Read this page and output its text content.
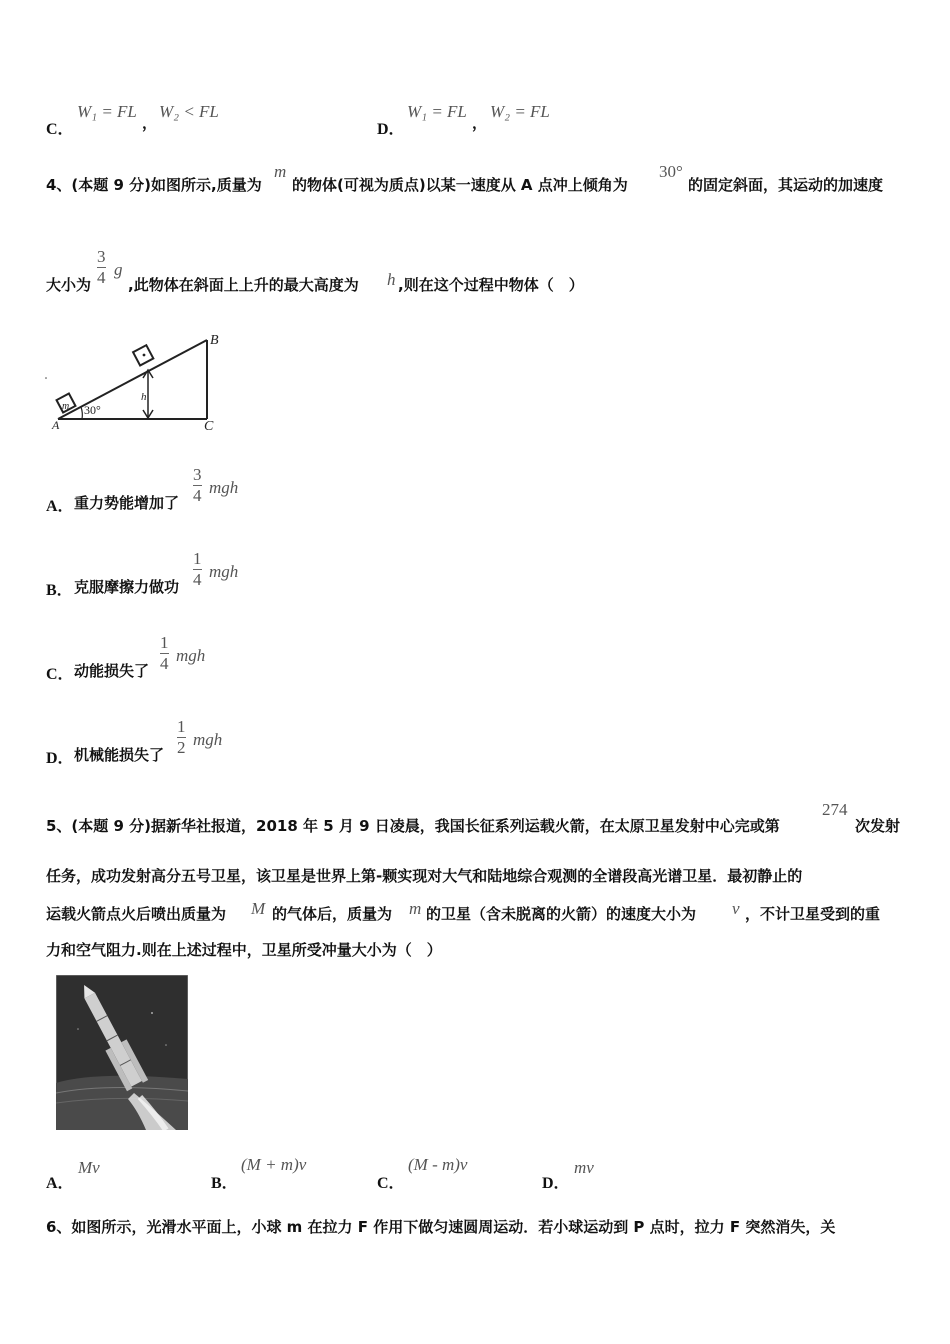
C．
W₁ = FL
，
W₂ < FL
D．
W₁ = FL
，
W₂ = FL
4、(本题 9 分)如图所示,质量为
m
的物体(可视为质点)以某一速度从 A 点冲上倾角为
30°
的固定斜面，其运动的加速度
大小为
3
4 g
,此物体在斜面上上升的最大高度为 h ,则在这个过程中物体（　）
B
C
A
m 30°
h
A． 重力势能增加了
3
4 mgh
B． 克服摩擦力做功
1
4 mgh
C． 动能损失了
1
4 mgh
D． 机械能损失了
1
2 mgh
5、(本题 9 分)据新华社报道，2018 年 5 月 9 日凌晨，我国长征系列运载火箭，在太原卫星发射中心完或第
274
次发射
任务，成功发射高分五号卫星，该卫星是世界上第-颗实现对大气和陆地综合观测的全谱段高光谱卫星．最初静止的
运载火箭点火后喷出质量为 M 的气体后，质量为 m 的卫星（含未脱离的火箭）的速度大小为 v ，不计卫星受到的重
力和空气阻力.则在上述过程中，卫星所受冲量大小为（　）
A．
Mv
B．
(M + m)v
C．
(M - m)v
D．
mv
6、如图所示，光滑水平面上，小球 m 在拉力 F 作用下做匀速圆周运动．若小球运动到 P 点时，拉力 F 突然消失，关
